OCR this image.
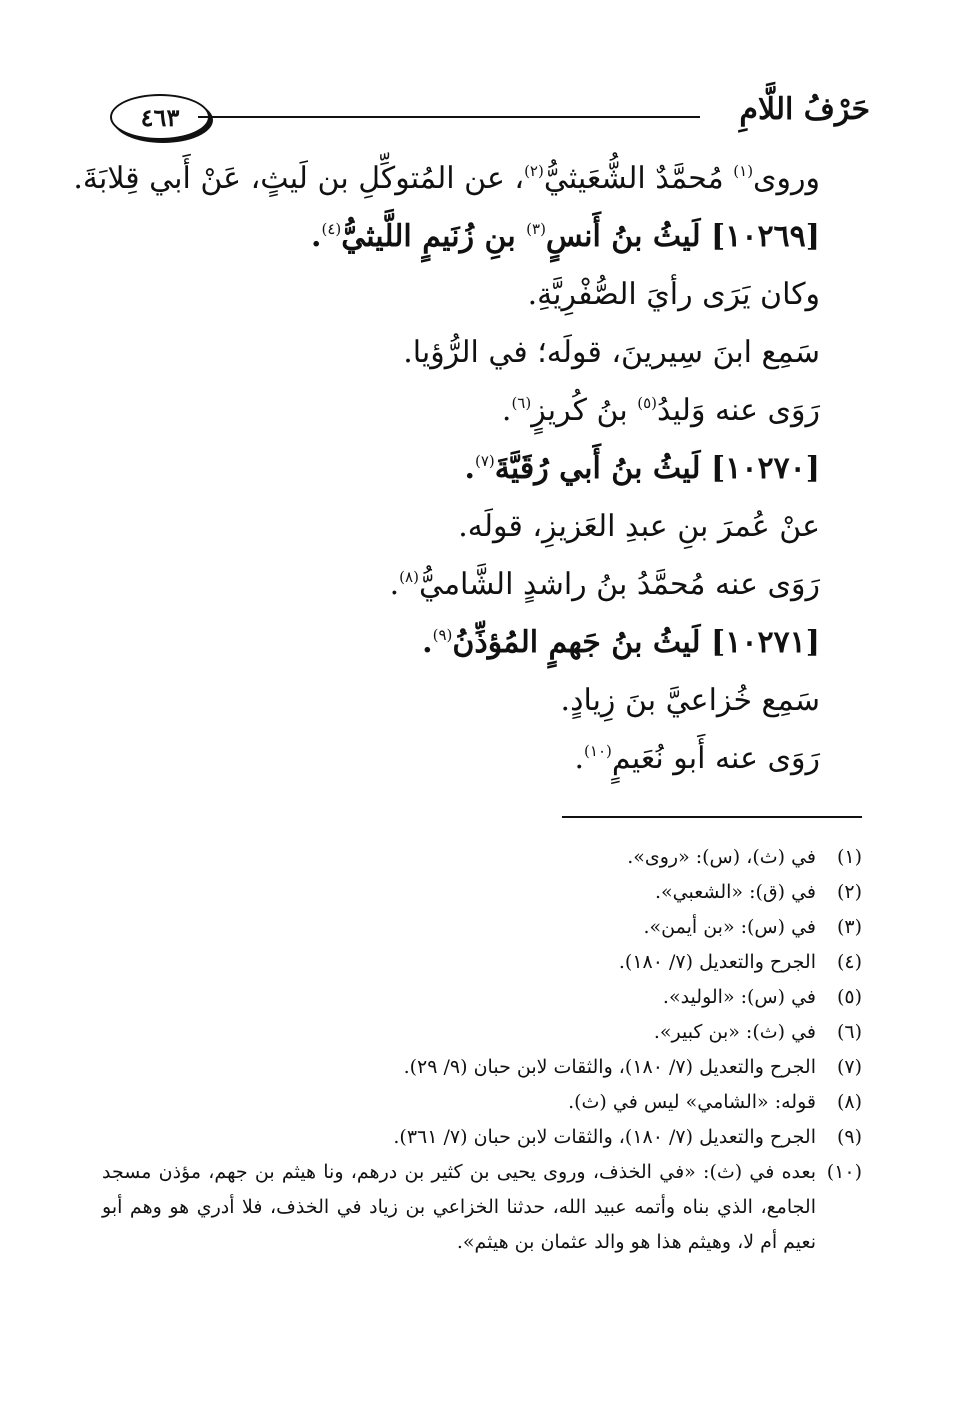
٤٦٣	حَرْفُ اللَّامِ
وروى$^{(١)}$ مُحمَّدٌ الشُّعَيثيُّ$^{(٢)}$، عن المُتوكِّلِ بن لَيثٍ، عَنْ أَبي قِلابَةَ.
[١٠٢٦٩] لَيثُ بنُ أَنسٍ$^{(٣)}$ بنِ زُنَيمٍ اللَّيثيُّ$^{(٤)}$.
وكان يَرَى رأيَ الصُّفْرِيَّةِ.
سَمِع ابنَ سِيرينَ، قولَه؛ في الرُّؤيا.
رَوَى عنه وَليدُ$^{(٥)}$ بنُ كُريزٍ$^{(٦)}$.
[١٠٢٧٠] لَيثُ بنُ أَبي رُقَيَّةَ$^{(٧)}$.
عنْ عُمرَ بنِ عبدِ العَزيزِ، قولَه.
رَوَى عنه مُحمَّدُ بنُ راشدٍ الشَّاميُّ$^{(٨)}$.
[١٠٢٧١] لَيثُ بنُ جَهمٍ المُؤذِّنُ$^{(٩)}$.
سَمِع خُزاعيَّ بنَ زِيادٍ.
رَوَى عنه أَبو نُعَيمٍ$^{(١٠)}$.
(١)
في (ث)، (س): «روى».
(٢)
في (ق): «الشعبي».
(٣)
في (س): «بن أيمن».
(٤)
الجرح والتعديل (٧/ ١٨٠).
(٥)
في (س): «الوليد».
(٦)
في (ث): «بن كبير».
(٧)
الجرح والتعديل (٧/ ١٨٠)، والثقات لابن حبان (٩/ ٢٩).
(٨)
قوله: «الشامي» ليس في (ث).
(٩)
الجرح والتعديل (٧/ ١٨٠)، والثقات لابن حبان (٧/ ٣٦١).
(١٠)
بعده في (ث): «في الخذف، وروى يحيى بن كثير بن درهم، ونا هيثم بن جهم، مؤذن مسجد الجامع، الذي بناه وأتمه عبيد الله، حدثنا الخزاعي بن زياد في الخذف، فلا أدري هو وهم أبو نعيم أم لا، وهيثم هذا هو والد عثمان بن هيثم».
